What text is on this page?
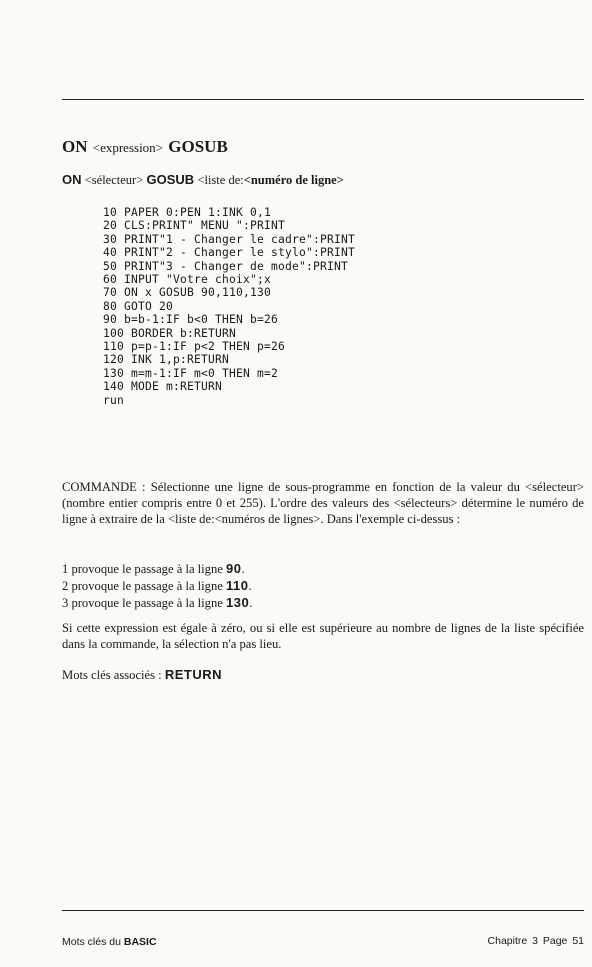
ON <expression> GOSUB
ON <sélecteur> GOSUB <liste de:<numéro de ligne>
10 PAPER 0:PEN 1:INK 0,1
20 CLS:PRINT" MENU ":PRINT
30 PRINT"1 - Changer le cadre":PRINT
40 PRINT"2 - Changer le stylo":PRINT
50 PRINT"3 - Changer de mode":PRINT
60 INPUT "Votre choix";x
70 ON x GOSUB 90,110,130
80 GOTO 20
90 b=b-1:IF b<0 THEN b=26
100 BORDER b:RETURN
110 p=p-1:IF p<2 THEN p=26
120 INK 1,p:RETURN
130 m=m-1:IF m<0 THEN m=2
140 MODE m:RETURN
run

COMMANDE : Sélectionne une ligne de sous-programme en fonction de la valeur du <sélecteur> (nombre entier compris entre 0 et 255). L'ordre des valeurs des <sélecteurs> détermine le numéro de ligne à extraire de la <liste de:<numéros de lignes>. Dans l'exemple ci-dessus :

1 provoque le passage à la ligne 90.
2 provoque le passage à la ligne 110.
3 provoque le passage à la ligne 130.

Si cette expression est égale à zéro, ou si elle est supérieure au nombre de lignes de la liste spécifiée dans la commande, la sélection n'a pas lieu.

Mots clés associés : RETURN
Mots clés du BASIC	Chapitre 3 Page 51
